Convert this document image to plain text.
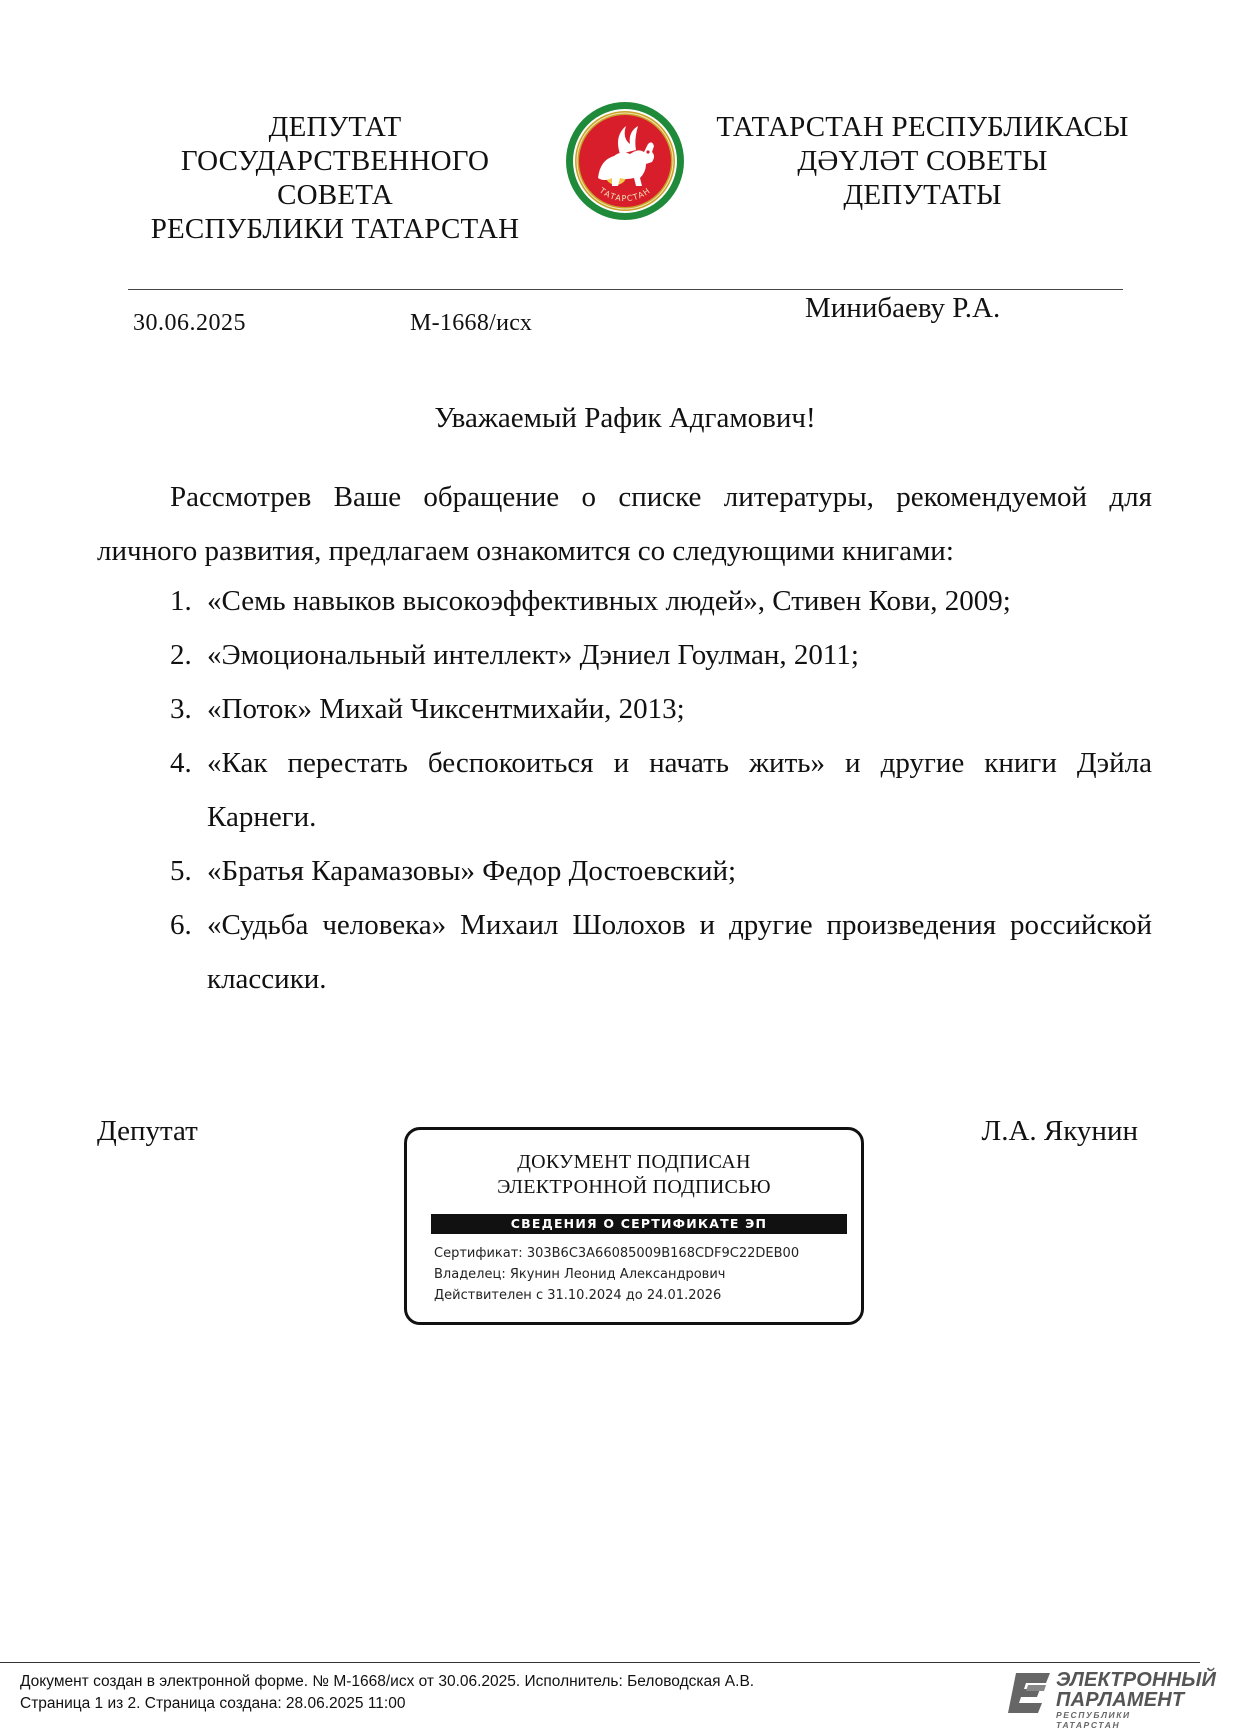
ДЕПУТАТ
ГОСУДАРСТВЕННОГО СОВЕТА
РЕСПУБЛИКИ ТАТАРСТАН
ТАТАРСТАН
ТАТАРСТАН РЕСПУБЛИКАСЫ
ДӘҮЛӘТ СОВЕТЫ
ДЕПУТАТЫ
30.06.2025	М-1668/исх	Минибаеву Р.А.
Уважаемый Рафик Адгамович!
Рассмотрев Ваше обращение о списке литературы, рекомендуемой для личного развития, предлагаем ознакомится со следующими книгами:
1. «Семь навыков высокоэффективных людей», Стивен Кови, 2009;
2. «Эмоциональный интеллект» Дэниел Гоулман, 2011;
3. «Поток» Михай Чиксентмихайи, 2013;
4. «Как перестать беспокоиться и начать жить» и другие книги Дэйла Карнеги.
5. «Братья Карамазовы» Федор Достоевский;
6. «Судьба человека» Михаил Шолохов и другие произведения российской классики.
Депутат	Л.А. Якунин
ДОКУМЕНТ ПОДПИСАН
ЭЛЕКТРОННОЙ ПОДПИСЬЮ
СВЕДЕНИЯ О СЕРТИФИКАТЕ ЭП
Сертификат: 303B6C3A66085009B168CDF9C22DEB00
Владелец: Якунин Леонид Александрович
Действителен с 31.10.2024 до 24.01.2026
Документ создан в электронной форме. № М-1668/исх от 30.06.2025. Исполнитель: Беловодская А.В.
Страница 1 из 2. Страница создана: 28.06.2025 11:00
ЭЛЕКТРОННЫЙ
ПАРЛАМЕНТ
РЕСПУБЛИКИ ТАТАРСТАН
